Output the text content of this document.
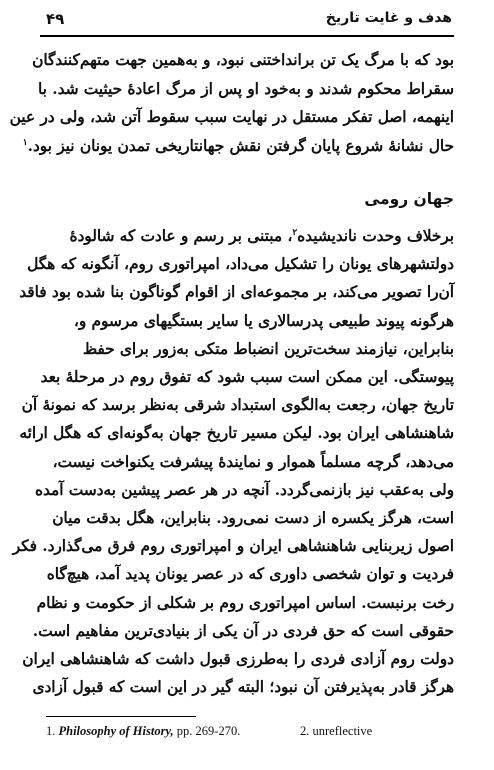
۴۹	هدف و غایت تاریخ
بود که با مرگ یک تن برانداختنی نبود، و به‌همین جهت متهم‌کنندگان
سقراط محکوم شدند و به‌خود او پس از مرگ اعادهٔ حیثیت شد. با
اینهمه، اصل تفکر مستقل در نهایت سبب سقوط آتن شد، ولی در عین
حال نشانهٔ شروع پایان گرفتن نقش جهانتاریخی تمدن یونان نیز بود.$^۱$
جهان رومی
برخلاف وحدت ناندیشیده$^۲$، مبتنی بر رسم و عادت که شالودهٔ
دولتشهرهای یونان را تشکیل می‌داد، امپراتوری روم، آنگونه که هگل
آن‌را تصویر می‌کند، بر مجموعه‌ای از اقوام گوناگون بنا شده بود فاقد
هرگونه پیوند طبیعی پدرسالاری یا سایر بستگیهای مرسوم و،
بنابراین، نیازمند سخت‌ترین انضباط متکی به‌زور برای حفظ
پیوستگی. این ممکن است سبب شود که تفوق روم در مرحلهٔ بعد
تاریخ جهان، رجعت به‌الگوی استبداد شرقی به‌نظر برسد که نمونهٔ آن
شاهنشاهی ایران بود. لیکن مسیر تاریخ جهان به‌گونه‌ای که هگل ارائه
می‌دهد، گرچه مسلماً هموار و نمایندهٔ پیشرفت یکنواخت نیست،
ولی به‌عقب نیز بازنمی‌گردد. آنچه در هر عصر پیشین به‌دست آمده
است، هرگز یکسره از دست نمی‌رود. بنابراین، هگل بدقت میان
اصول زیربنایی شاهنشاهی ایران و امپراتوری روم فرق می‌گذارد. فکر
فردیت و توان شخصی داوری که در عصر یونان پدید آمد، هیچ‌گاه
رخت برنبست. اساس امپراتوری روم بر شکلی از حکومت و نظام
حقوقی است که حق فردی در آن یکی از بنیادی‌ترین مفاهیم است.
دولت روم آزادی فردی را به‌طرزی قبول داشت که شاهنشاهی ایران
هرگز قادر به‌پذیرفتن آن نبود؛ البته گیر در این است که قبول آزادی
1. Philosophy of History, pp. 269-270.	2. unreflective
